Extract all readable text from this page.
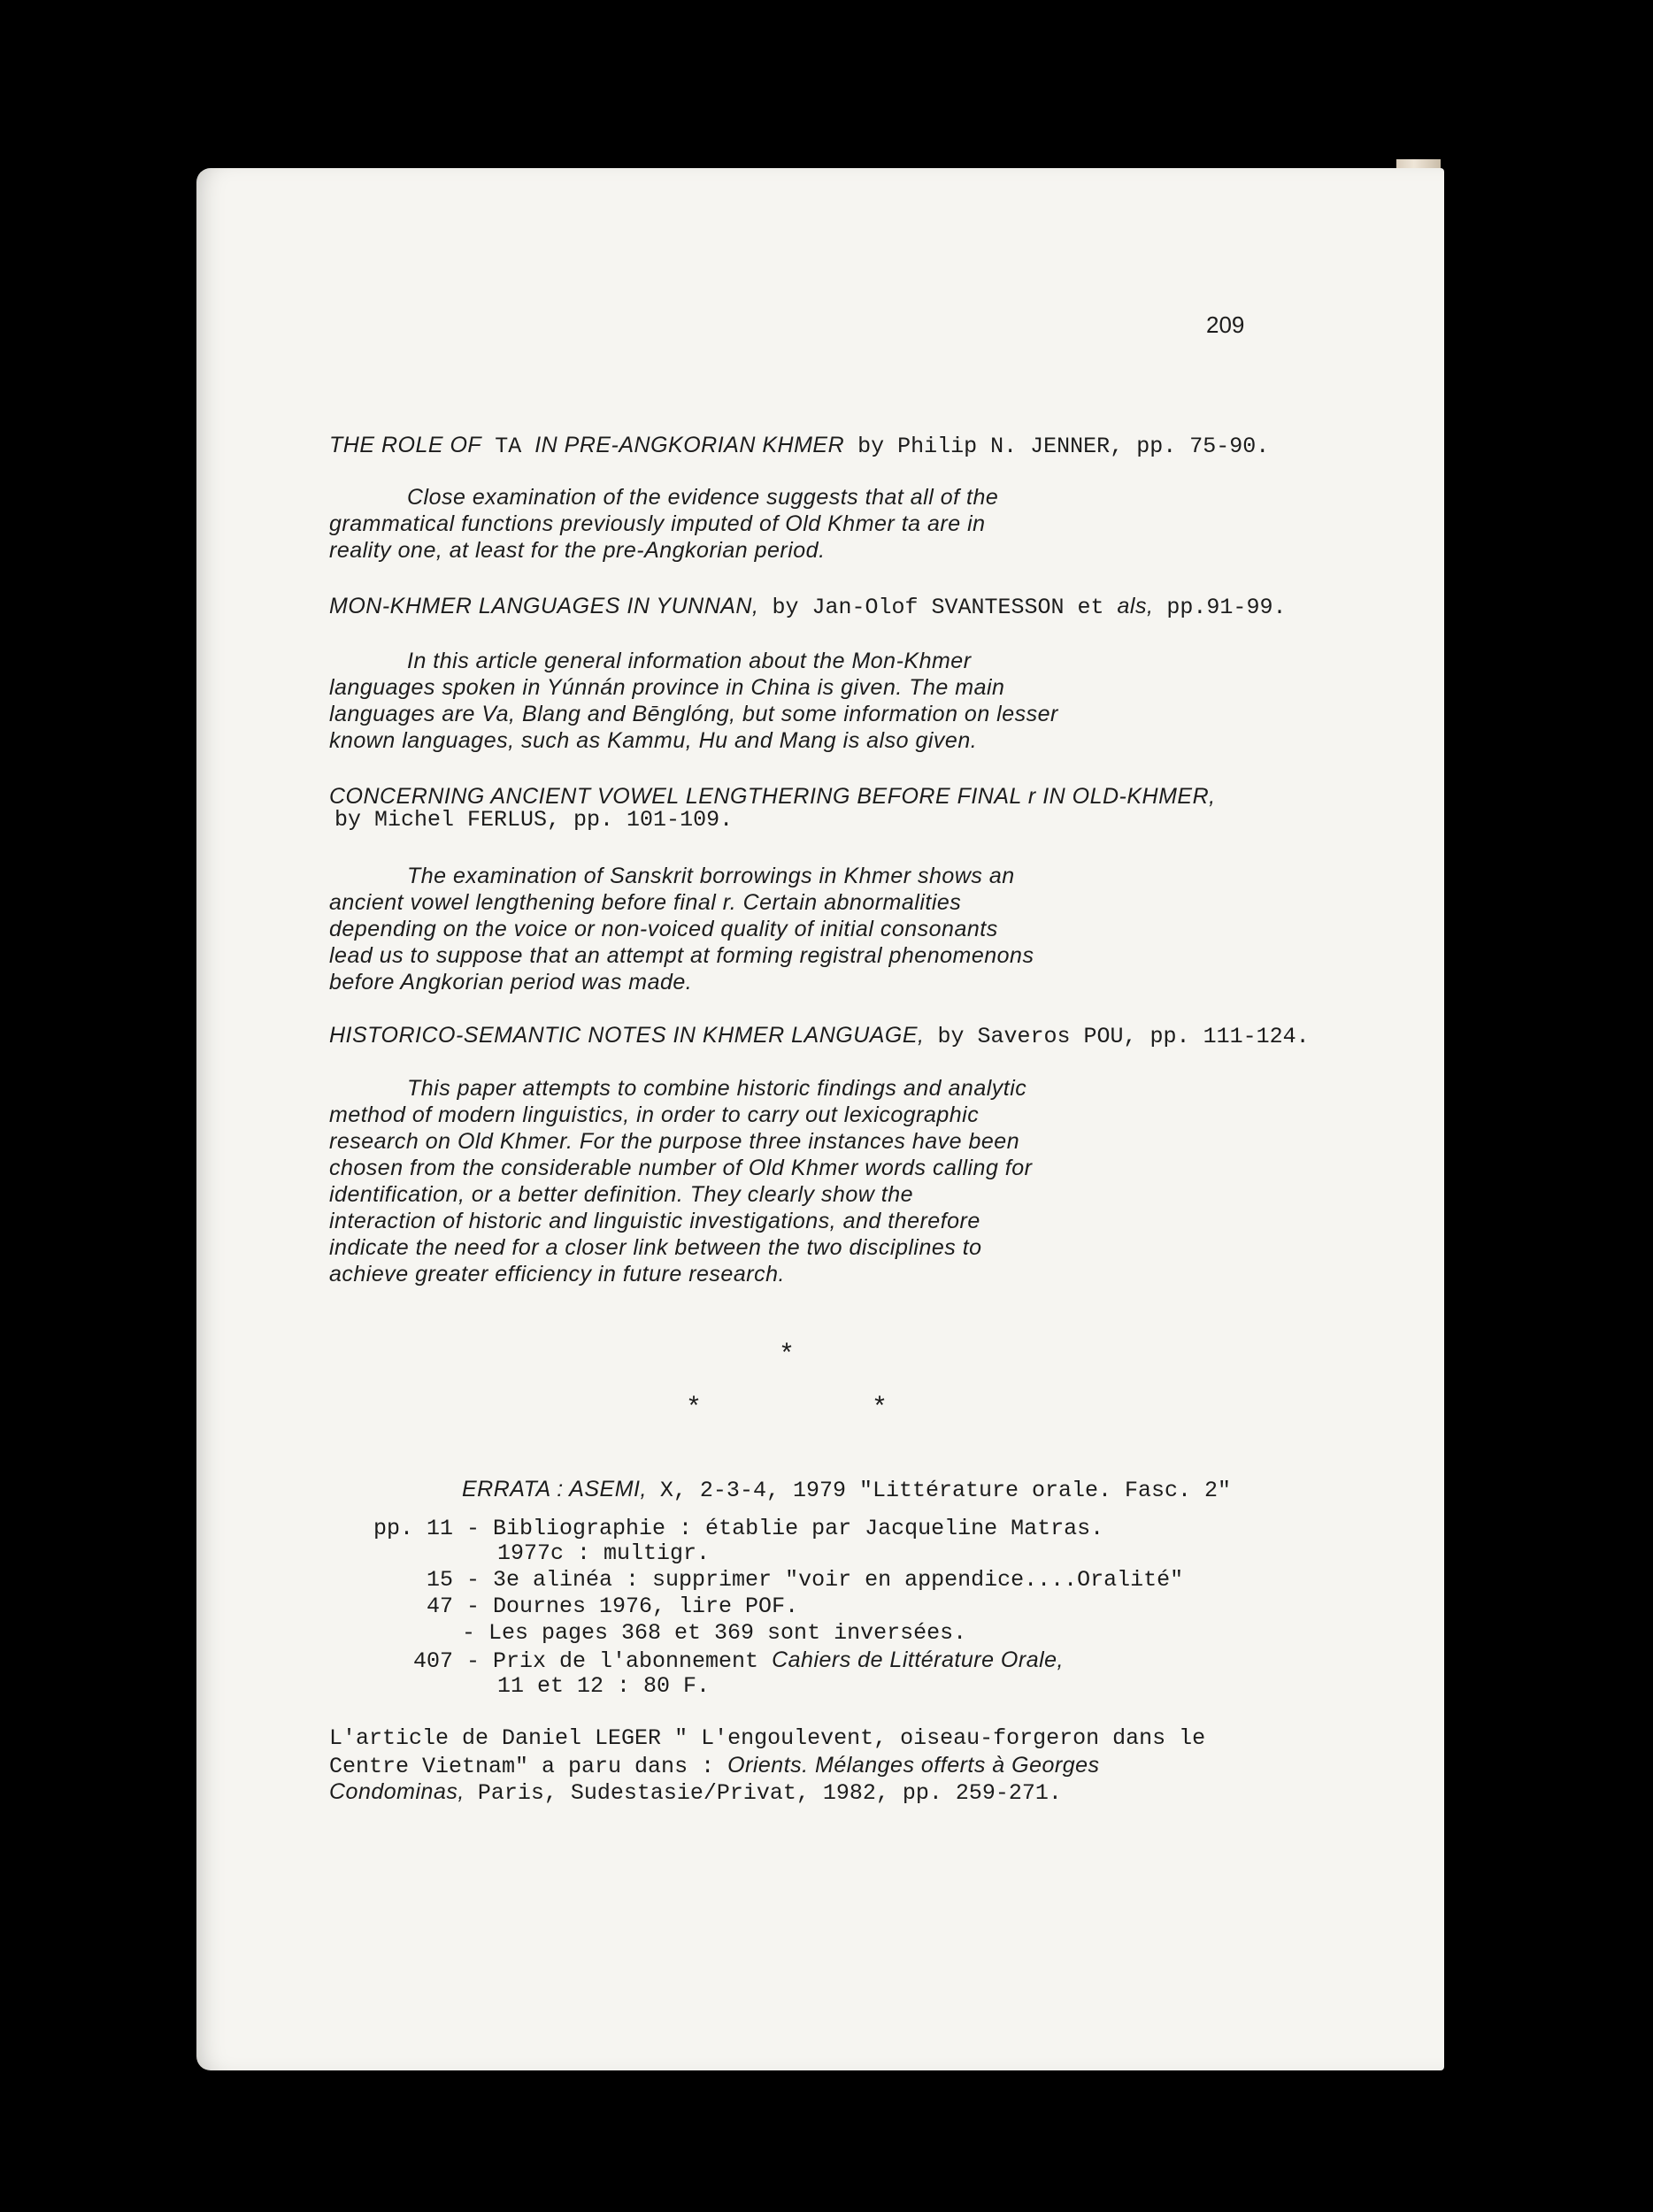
209
THE ROLE OF TA IN PRE-ANGKORIAN KHMER by Philip N. JENNER, pp. 75-90.
Close examination of the evidence suggests that all of the
grammatical functions previously imputed of Old Khmer ta are in
reality one, at least for the pre-Angkorian period.
MON-KHMER LANGUAGES IN YUNNAN, by Jan-Olof SVANTESSON et als, pp.91-99.
In this article general information about the Mon-Khmer
languages spoken in Yúnnán province in China is given. The main
languages are Va, Blang and Bēnglóng, but some information on lesser
known languages, such as Kammu, Hu and Mang is also given.
CONCERNING ANCIENT VOWEL LENGTHERING BEFORE FINAL r IN OLD-KHMER,
by Michel FERLUS, pp. 101-109.
The examination of Sanskrit borrowings in Khmer shows an
ancient vowel lengthening before final r. Certain abnormalities
depending on the voice or non-voiced quality of initial consonants
lead us to suppose that an attempt at forming registral phenomenons
before Angkorian period was made.
HISTORICO-SEMANTIC NOTES IN KHMER LANGUAGE, by Saveros POU, pp. 111-124.
This paper attempts to combine historic findings and analytic
method of modern linguistics, in order to carry out lexicographic
research on Old Khmer. For the purpose three instances have been
chosen from the considerable number of Old Khmer words calling for
identification, or a better definition. They clearly show the
interaction of historic and linguistic investigations, and therefore
indicate the need for a closer link between the two disciplines to
achieve greater efficiency in future research.
*
*	*
ERRATA : ASEMI, X, 2-3-4, 1979 "Littérature orale. Fasc. 2"
pp. 11 - Bibliographie : établie par Jacqueline Matras.
1977c : multigr.
15 - 3e alinéa : supprimer "voir en appendice....Oralité"
47 - Dournes 1976, lire POF.
- Les pages 368 et 369 sont inversées.
407 - Prix de l'abonnement Cahiers de Littérature Orale,
11 et 12 : 80 F.
L'article de Daniel LEGER " L'engoulevent, oiseau-forgeron dans le
Centre Vietnam" a paru dans : Orients. Mélanges offerts à Georges
Condominas, Paris, Sudestasie/Privat, 1982, pp. 259-271.
